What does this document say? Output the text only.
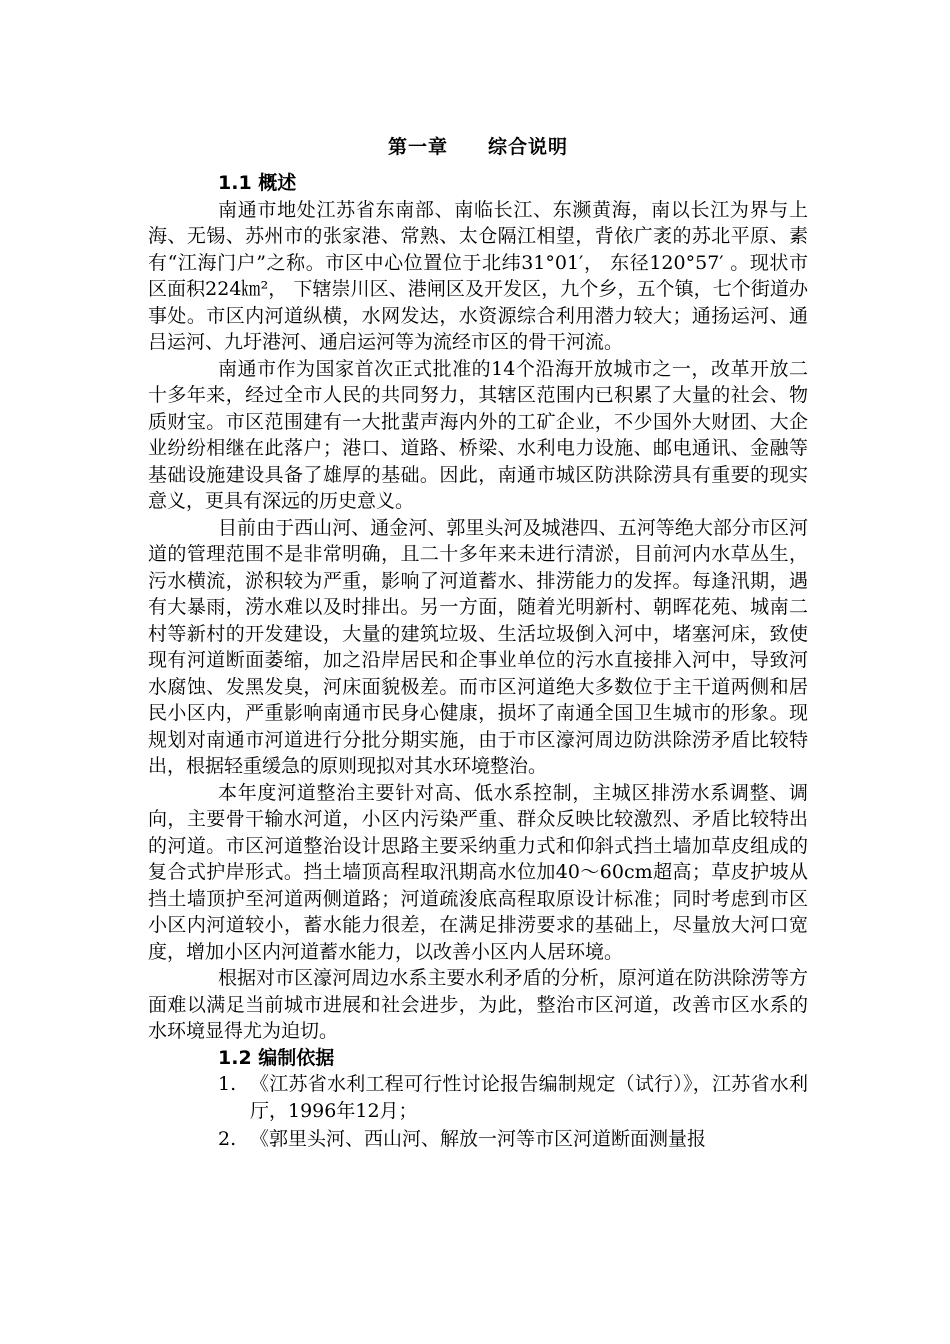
第一章 综合说明
1.1 概述

南通市地处江苏省东南部、南临长江、东濒黄海，南以长江为界与上海、无锡、苏州市的张家港、常熟、太仓隔江相望，背依广袤的苏北平原、素有“江海门户”之称。市区中心位置位于北纬31°01′， 东径120°57′ 。现状市区面积224㎞²， 下辖崇川区、港闸区及开发区，九个乡，五个镇，七个街道办事处。市区内河道纵横，水网发达，水资源综合利用潜力较大；通扬运河、通吕运河、九圩港河、通启运河等为流经市区的骨干河流。

南通市作为国家首次正式批准的14个沿海开放城市之一，改革开放二十多年来，经过全市人民的共同努力，其辖区范围内已积累了大量的社会、物质财宝。市区范围建有一大批蜚声海内外的工矿企业，不少国外大财团、大企业纷纷相继在此落户；港口、道路、桥梁、水利电力设施、邮电通讯、金融等基础设施建设具备了雄厚的基础。因此，南通市城区防洪除涝具有重要的现实意义，更具有深远的历史意义。

目前由于西山河、通金河、郭里头河及城港四、五河等绝大部分市区河道的管理范围不是非常明确，且二十多年来未进行清淤，目前河内水草丛生，污水横流，淤积较为严重，影响了河道蓄水、排涝能力的发挥。每逢汛期，遇有大暴雨，涝水难以及时排出。另一方面，随着光明新村、朝晖花苑、城南二村等新村的开发建设，大量的建筑垃圾、生活垃圾倒入河中，堵塞河床，致使现有河道断面萎缩，加之沿岸居民和企事业单位的污水直接排入河中，导致河水腐蚀、发黑发臭，河床面貌极差。而市区河道绝大多数位于主干道两侧和居民小区内，严重影响南通市民身心健康，损坏了南通全国卫生城市的形象。现规划对南通市河道进行分批分期实施，由于市区濠河周边防洪除涝矛盾比较特出，根据轻重缓急的原则现拟对其水环境整治。

本年度河道整治主要针对高、低水系控制，主城区排涝水系调整、调向，主要骨干输水河道，小区内污染严重、群众反映比较激烈、矛盾比较特出的河道。市区河道整治设计思路主要采纳重力式和仰斜式挡土墙加草皮组成的复合式护岸形式。挡土墙顶高程取汛期高水位加40～60cm超高；草皮护坡从挡土墙顶护至河道两侧道路；河道疏浚底高程取原设计标准；同时考虑到市区小区内河道较小，蓄水能力很差，在满足排涝要求的基础上，尽量放大河口宽度，增加小区内河道蓄水能力，以改善小区内人居环境。

根据对市区濠河周边水系主要水利矛盾的分析，原河道在防洪除涝等方面难以满足当前城市进展和社会进步，为此，整治市区河道，改善市区水系的水环境显得尤为迫切。

1.2 编制依据
1. 《江苏省水利工程可行性讨论报告编制规定（试行）》，江苏省水利厅，1996年12月；
2. 《郭里头河、西山河、解放一河等市区河道断面测量报
